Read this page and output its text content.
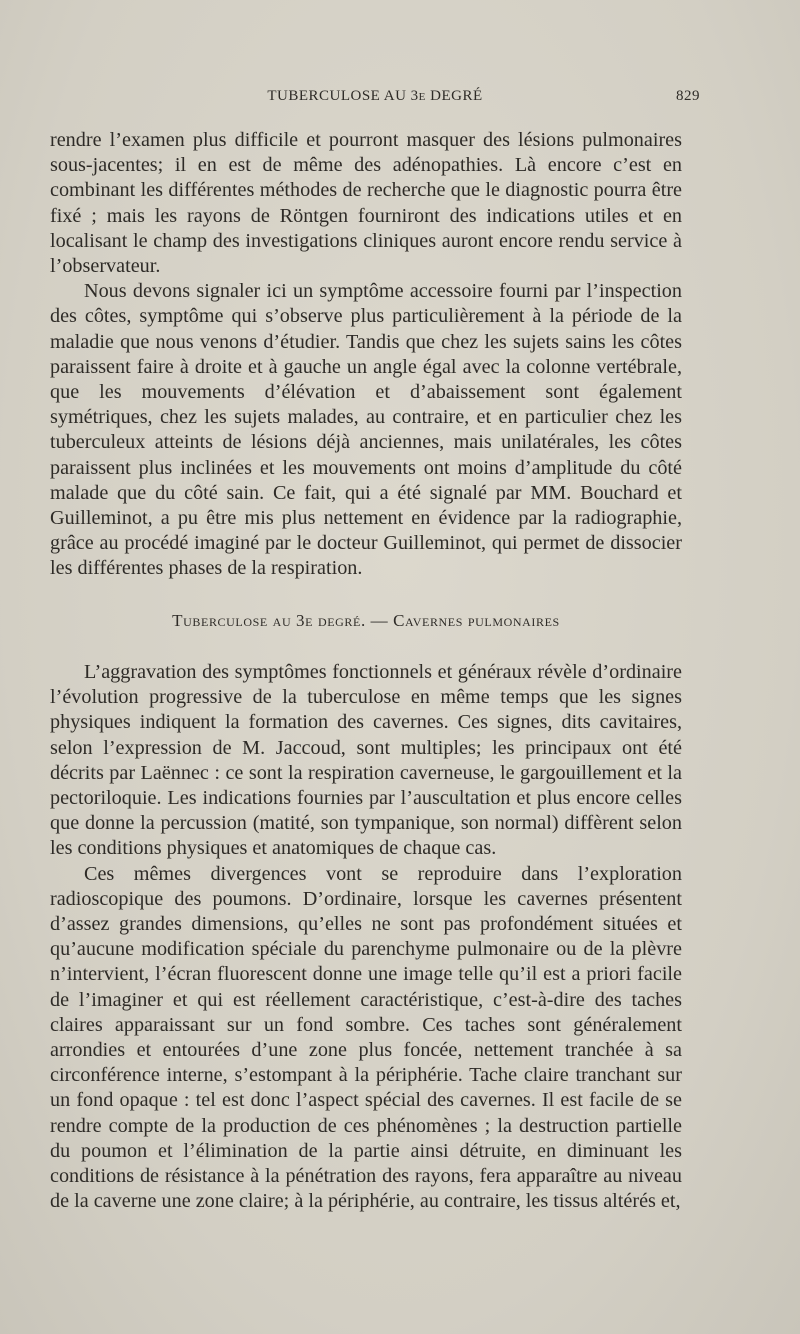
TUBERCULOSE AU 3e DEGRÉ	829

rendre l’examen plus difficile et pourront masquer des lésions pulmonaires sous-jacentes; il en est de même des adénopathies. Là encore c’est en combinant les différentes méthodes de recherche que le diagnostic pourra être fixé ; mais les rayons de Röntgen fourniront des indications utiles et en localisant le champ des investigations cliniques auront encore rendu service à l’observateur.

Nous devons signaler ici un symptôme accessoire fourni par l’inspection des côtes, symptôme qui s’observe plus particulièrement à la période de la maladie que nous venons d’étudier. Tandis que chez les sujets sains les côtes paraissent faire à droite et à gauche un angle égal avec la colonne vertébrale, que les mouvements d’élévation et d’abaissement sont également symétriques, chez les sujets malades, au contraire, et en particulier chez les tuberculeux atteints de lésions déjà anciennes, mais unilatérales, les côtes paraissent plus inclinées et les mouvements ont moins d’amplitude du côté malade que du côté sain. Ce fait, qui a été signalé par MM. Bouchard et Guilleminot, a pu être mis plus nettement en évidence par la radiographie, grâce au procédé imaginé par le docteur Guilleminot, qui permet de dissocier les différentes phases de la respiration.

Tuberculose au 3e degré. — Cavernes pulmonaires

L’aggravation des symptômes fonctionnels et généraux révèle d’ordinaire l’évolution progressive de la tuberculose en même temps que les signes physiques indiquent la formation des cavernes. Ces signes, dits cavitaires, selon l’expression de M. Jaccoud, sont multiples; les principaux ont été décrits par Laënnec : ce sont la respiration caverneuse, le gargouillement et la pectoriloquie. Les indications fournies par l’auscultation et plus encore celles que donne la percussion (matité, son tympanique, son normal) diffèrent selon les conditions physiques et anatomiques de chaque cas.

Ces mêmes divergences vont se reproduire dans l’exploration radioscopique des poumons. D’ordinaire, lorsque les cavernes présentent d’assez grandes dimensions, qu’elles ne sont pas profondément situées et qu’aucune modification spéciale du parenchyme pulmonaire ou de la plèvre n’intervient, l’écran fluorescent donne une image telle qu’il est a priori facile de l’imaginer et qui est réellement caractéristique, c’est-à-dire des taches claires apparaissant sur un fond sombre. Ces taches sont généralement arrondies et entourées d’une zone plus foncée, nettement tranchée à sa circonférence interne, s’estompant à la périphérie. Tache claire tranchant sur un fond opaque : tel est donc l’aspect spécial des cavernes. Il est facile de se rendre compte de la production de ces phénomènes ; la destruction partielle du poumon et l’élimination de la partie ainsi détruite, en diminuant les conditions de résistance à la pénétration des rayons, fera apparaître au niveau de la caverne une zone claire; à la périphérie, au contraire, les tissus altérés et,
